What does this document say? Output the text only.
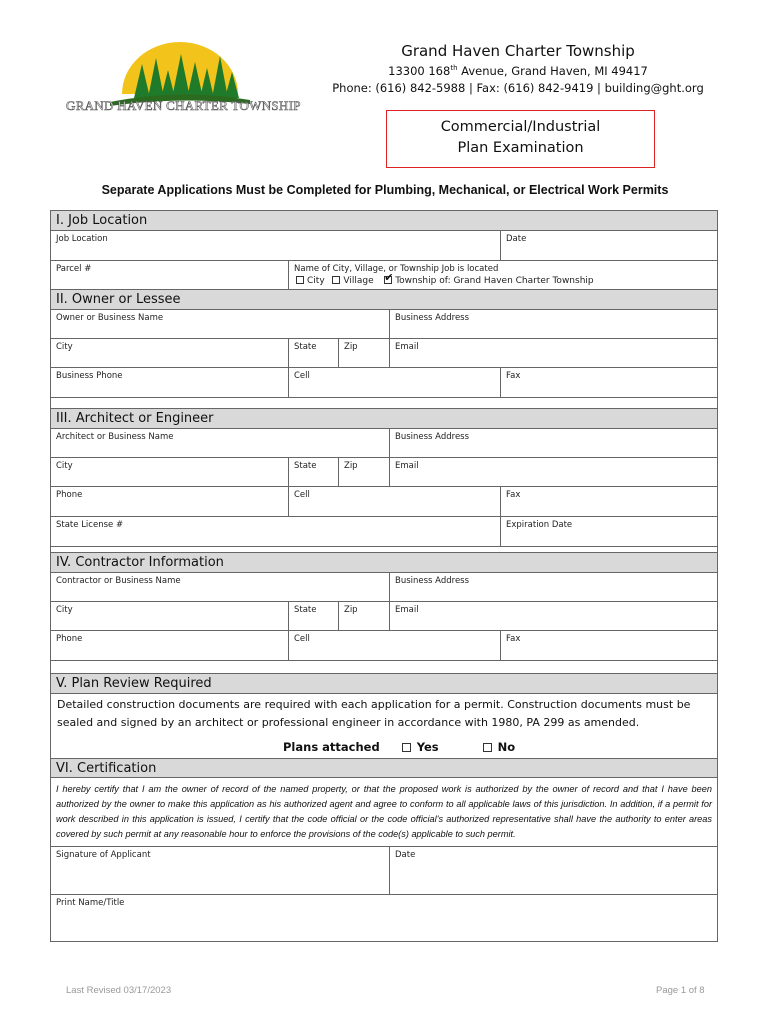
GRAND HAVEN CHARTER TOWNSHIP
Grand Haven Charter Township
13300 168th Avenue, Grand Haven, MI 49417
Phone: (616) 842-5988 | Fax: (616) 842-9419 | building@ght.org
Commercial/Industrial
Plan Examination
Separate Applications Must be Completed for Plumbing, Mechanical, or Electrical Work Permits
I. Job Location
Job Location	Date
Parcel #	Name of City, Village, or Township Job is located
City Village ✔ Township of: Grand Haven Charter Township
II. Owner or Lessee
Owner or Business Name	Business Address
City	State	Zip	Email
Business Phone	Cell	Fax
III. Architect or Engineer
Architect or Business Name	Business Address
City	State	Zip	Email
Phone	Cell	Fax
State License #	Expiration Date
IV. Contractor Information
Contractor or Business Name	Business Address
City	State	Zip	Email
Phone	Cell	Fax
V. Plan Review Required
Detailed construction documents are required with each application for a permit. Construction documents must be sealed and signed by an architect or professional engineer in accordance with 1980, PA 299 as amended.
Plans attached	Yes	No
VI. Certification
I hereby certify that I am the owner of record of the named property, or that the proposed work is authorized by the owner of record and that I have been authorized by the owner to make this application as his authorized agent and agree to conform to all applicable laws of this jurisdiction. In addition, if a permit for work described in this application is issued, I certify that the code official or the code official's authorized representative shall have the authority to enter areas covered by such permit at any reasonable hour to enforce the provisions of the code(s) applicable to such permit.
Signature of Applicant	Date
Print Name/Title
Last Revised 03/17/2023	Page 1 of 8
